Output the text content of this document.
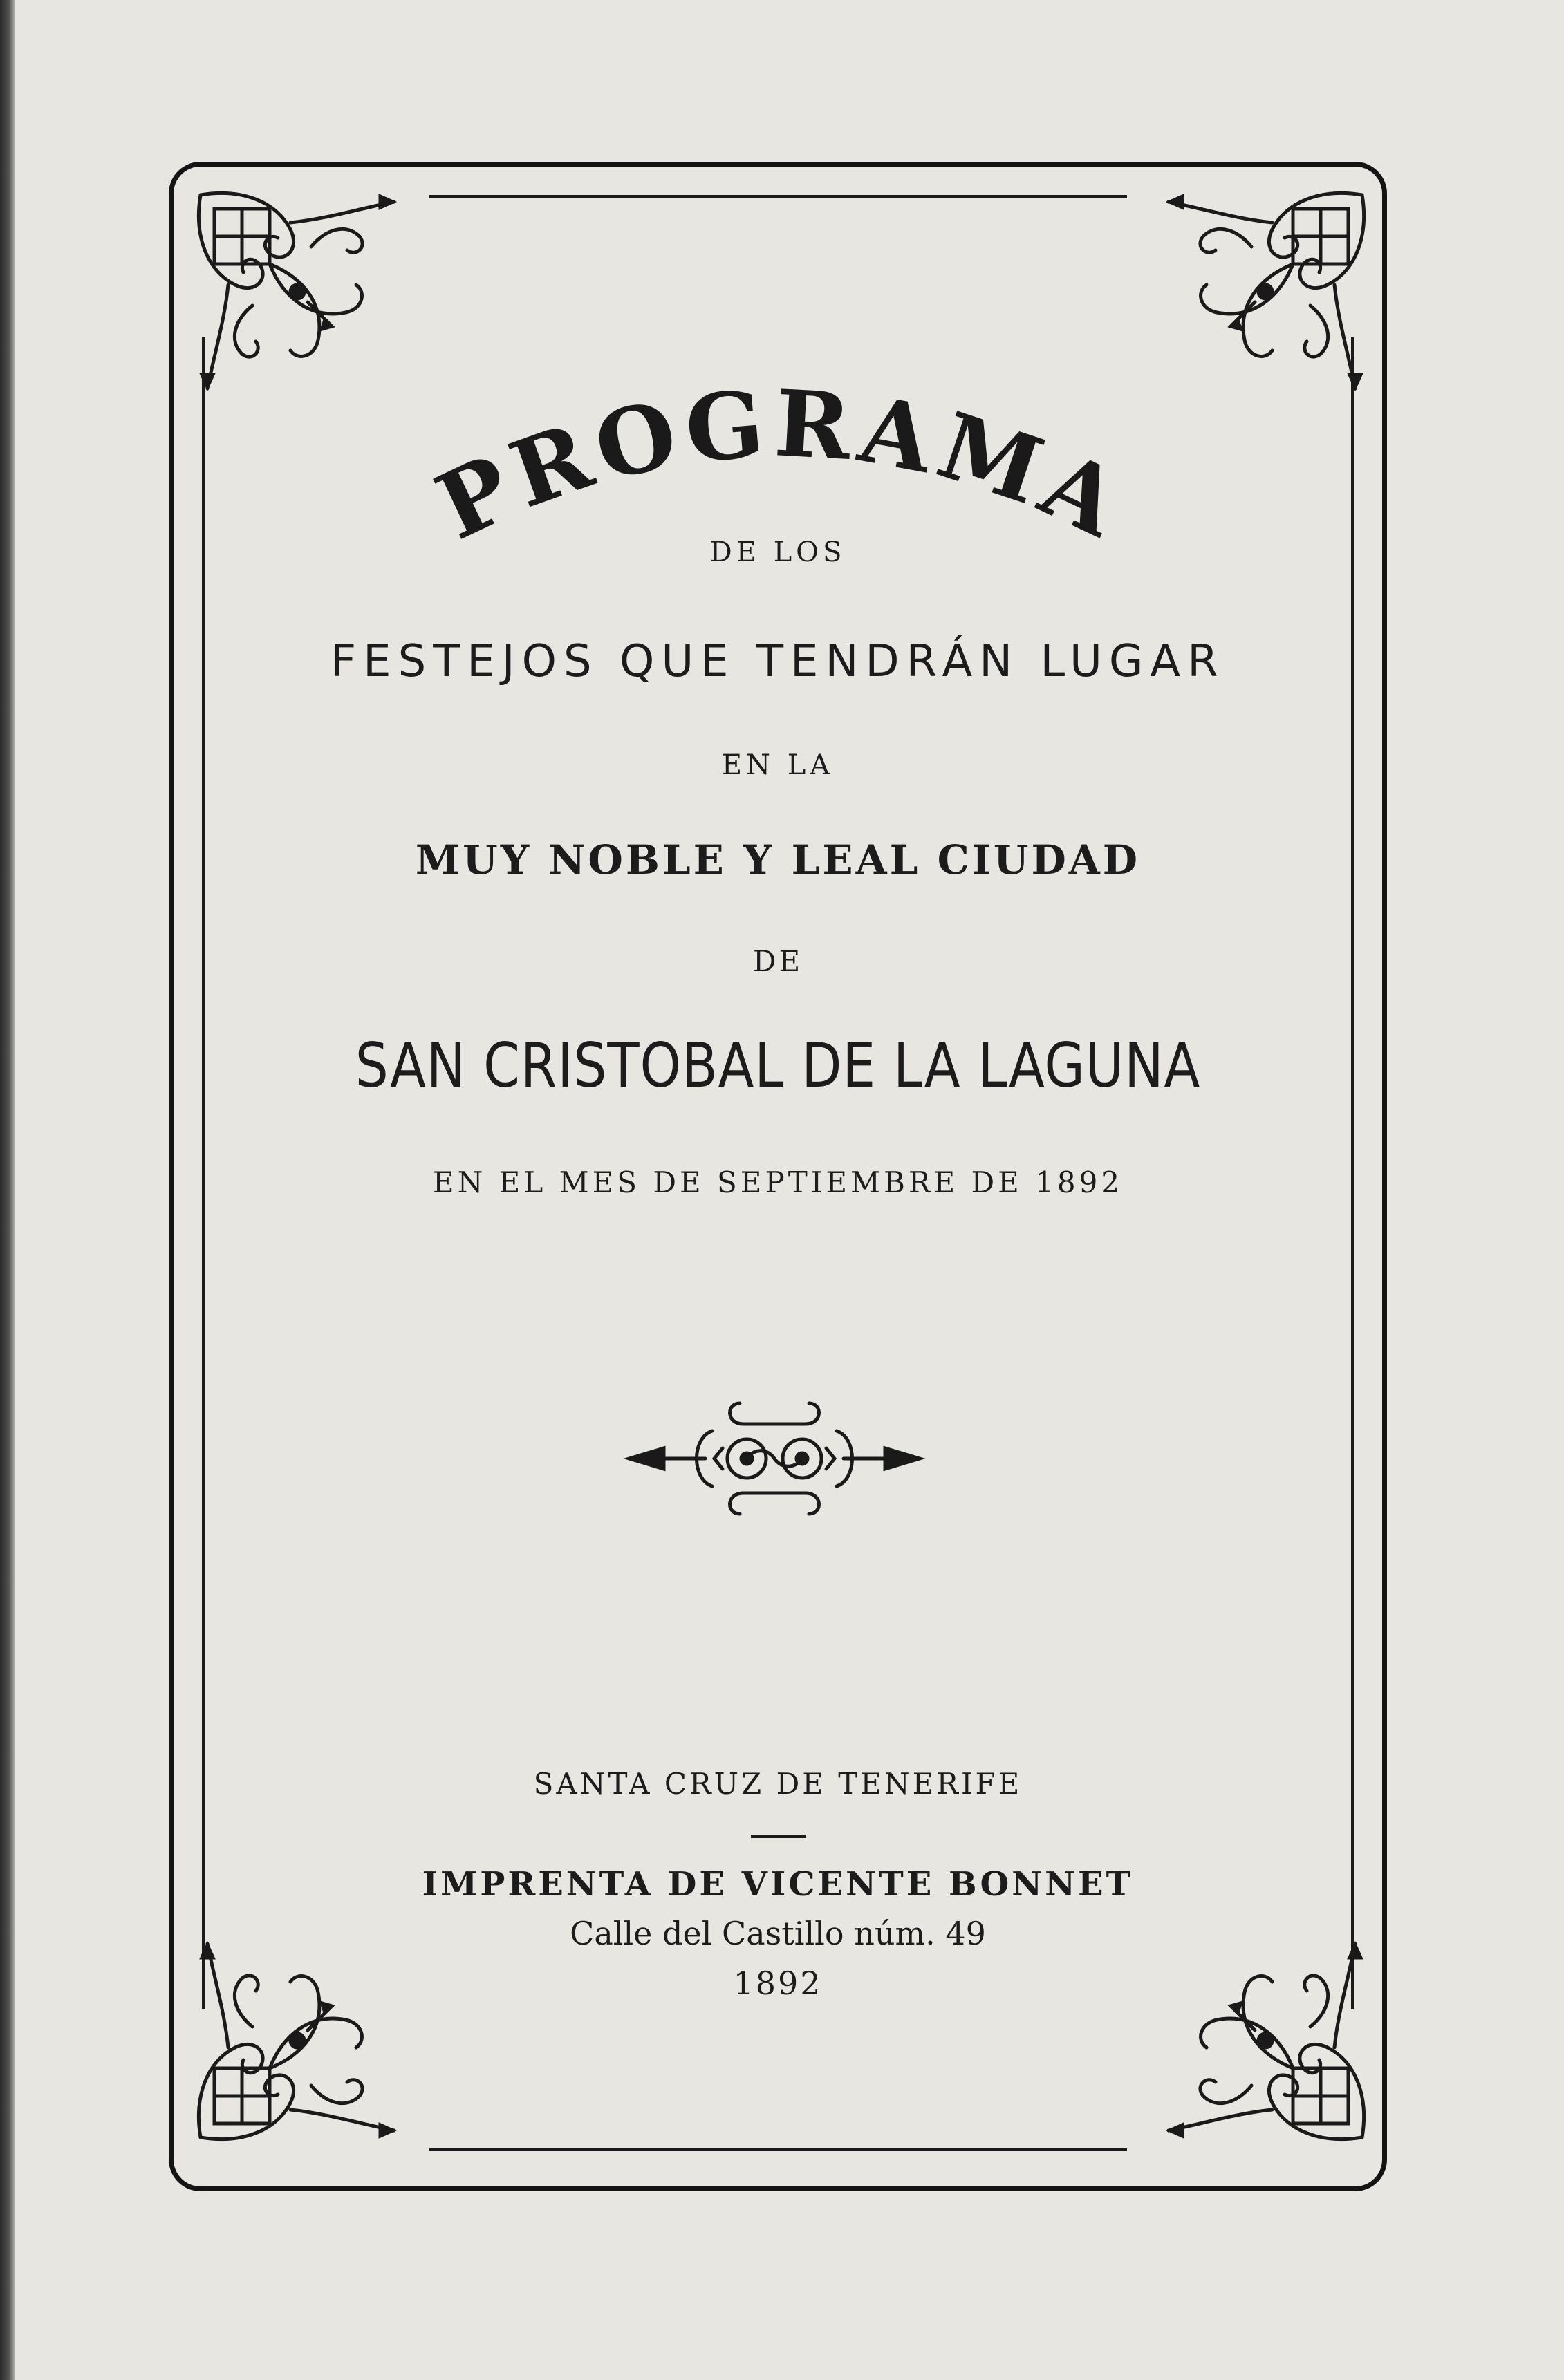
PROGRAMA
DE LOS
FESTEJOS QUE TENDRÁN LUGAR
EN LA
MUY NOBLE Y LEAL CIUDAD
DE
SAN CRISTOBAL DE LA LAGUNA
EN EL MES DE SEPTIEMBRE DE 1892
SANTA CRUZ DE TENERIFE
IMPRENTA DE VICENTE BONNET
Calle del Castillo núm. 49
1892
